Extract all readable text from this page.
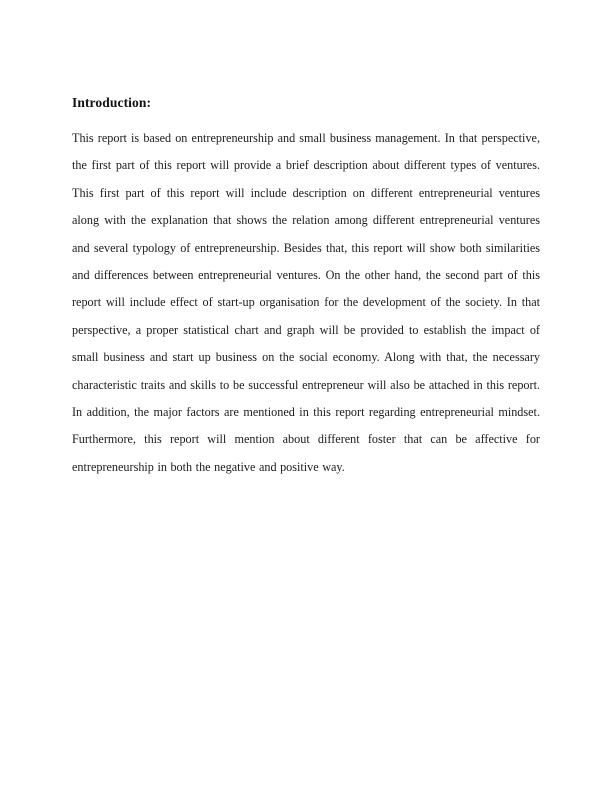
Introduction:

This report is based on entrepreneurship and small business management. In that perspective, the first part of this report will provide a brief description about different types of ventures. This first part of this report will include description on different entrepreneurial ventures along with the explanation that shows the relation among different entrepreneurial ventures and several typology of entrepreneurship. Besides that, this report will show both similarities and differences between entrepreneurial ventures. On the other hand, the second part of this report will include effect of start-up organisation for the development of the society. In that perspective, a proper statistical chart and graph will be provided to establish the impact of small business and start up business on the social economy. Along with that, the necessary characteristic traits and skills to be successful entrepreneur will also be attached in this report. In addition, the major factors are mentioned in this report regarding entrepreneurial mindset. Furthermore, this report will mention about different foster that can be affective for entrepreneurship in both the negative and positive way.
